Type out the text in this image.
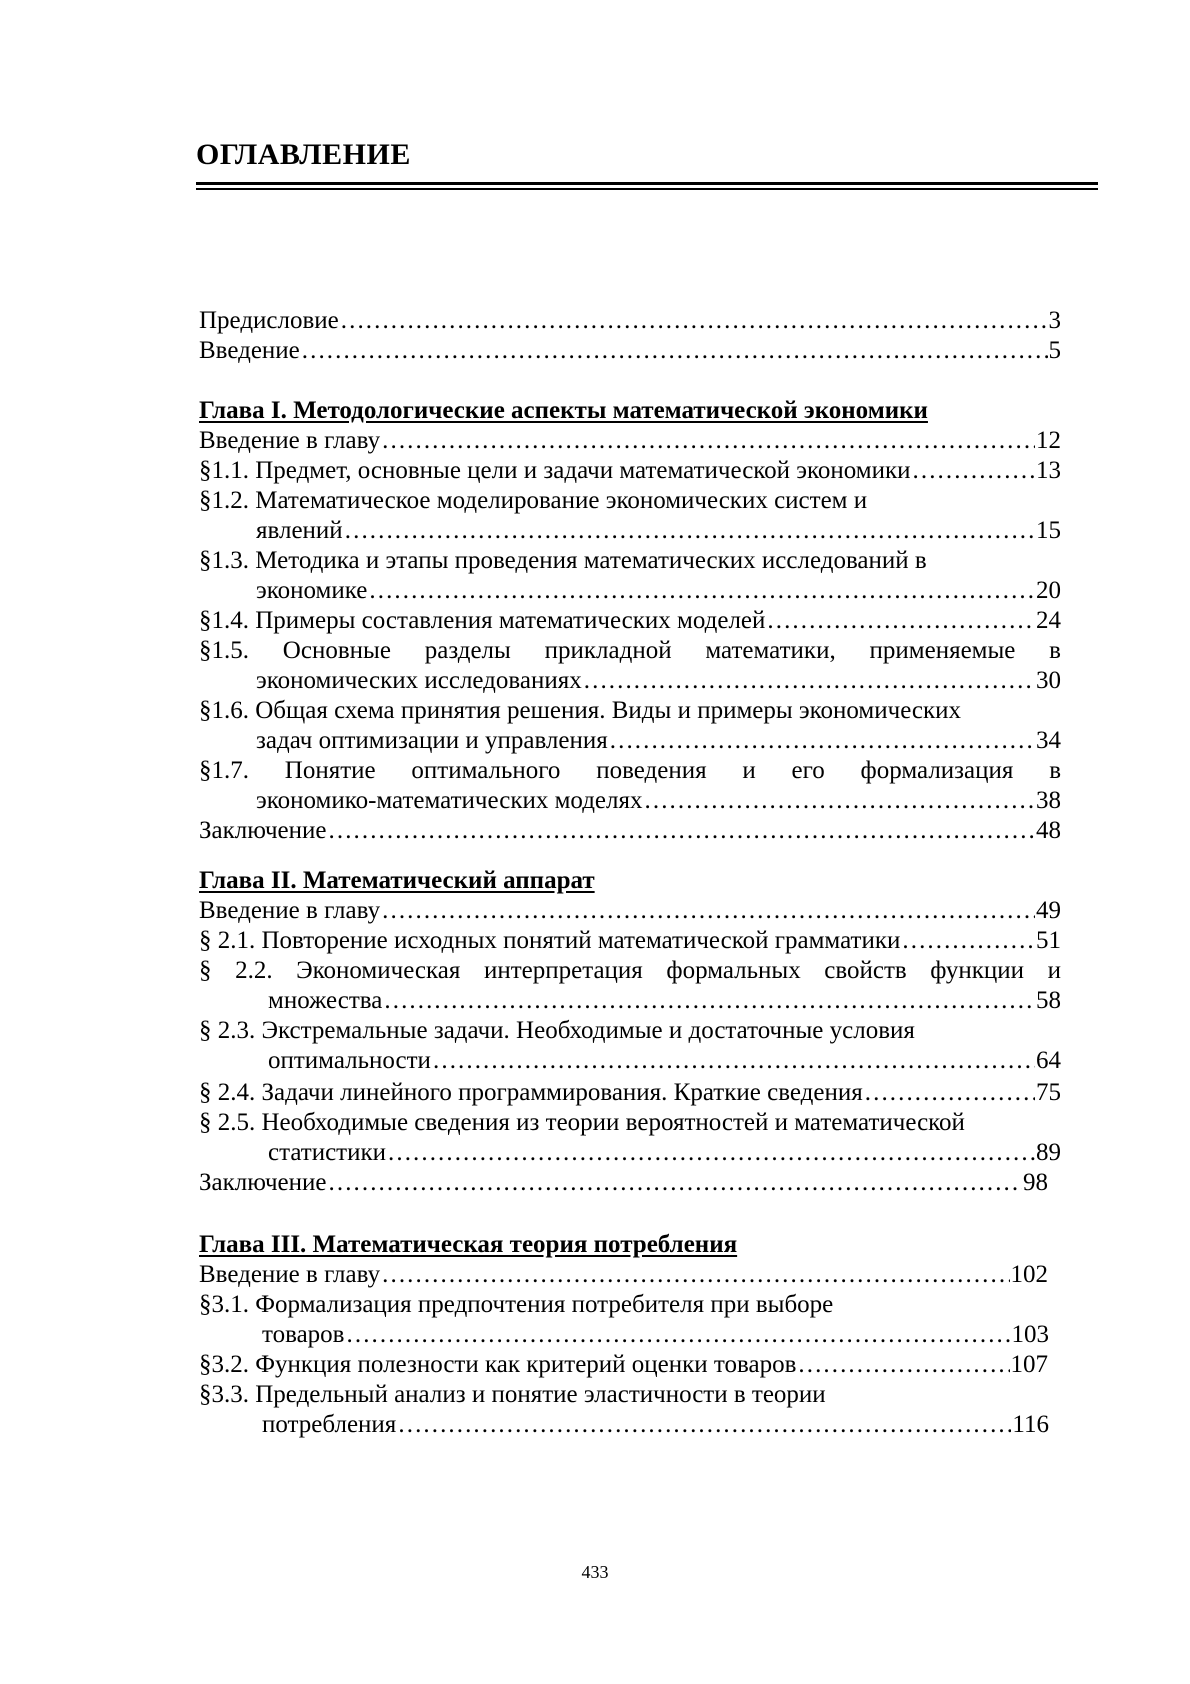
ОГЛАВЛЕНИЕ
Предисловие …………………………………………………………………………………………………………………………………………………………………………………	3
Введение …………………………………………………………………………………………………………………………………………………………………………………	5
Глава I. Методологические аспекты математической экономики
Введение в главу …………………………………………………………………………………………………………………………………………………………………………………	12
§1.1. Предмет, основные цели и задачи математической экономики …………………………………………………………………………………………………………………………………………………………………………………	13
§1.2. Математическое моделирование экономических систем и
явлений …………………………………………………………………………………………………………………………………………………………………………………	15
§1.3. Методика и этапы проведения математических исследований в
экономике …………………………………………………………………………………………………………………………………………………………………………………	20
§1.4. Примеры составления математических моделей …………………………………………………………………………………………………………………………………………………………………………………	24
§1.5. Основные разделы прикладной математики, применяемые в
экономических исследованиях …………………………………………………………………………………………………………………………………………………………………………………	30
§1.6. Общая схема принятия решения. Виды и примеры экономических
задач оптимизации и управления …………………………………………………………………………………………………………………………………………………………………………………	34
§1.7. Понятие оптимального поведения и его формализация в
экономико-математических моделях …………………………………………………………………………………………………………………………………………………………………………………	38
Заключение …………………………………………………………………………………………………………………………………………………………………………………	48
Глава II. Математический аппарат
Введение в главу …………………………………………………………………………………………………………………………………………………………………………………	49
§ 2.1. Повторение исходных понятий математической грамматики …………………………………………………………………………………………………………………………………………………………………………………	51
§ 2.2. Экономическая интерпретация формальных свойств функции и
множества …………………………………………………………………………………………………………………………………………………………………………………	58
§ 2.3. Экстремальные задачи. Необходимые и достаточные условия
оптимальности …………………………………………………………………………………………………………………………………………………………………………………	64
§ 2.4. Задачи линейного программирования. Краткие сведения …………………………………………………………………………………………………………………………………………………………………………………	75
§ 2.5. Необходимые сведения из теории вероятностей и математической
статистики …………………………………………………………………………………………………………………………………………………………………………………	89
Заключение …………………………………………………………………………………………………………………………………………………………………………………	98
Глава III. Математическая теория потребления
Введение в главу …………………………………………………………………………………………………………………………………………………………………………………	102
§3.1. Формализация предпочтения потребителя при выборе
товаров …………………………………………………………………………………………………………………………………………………………………………………	103
§3.2. Функция полезности как критерий оценки товаров …………………………………………………………………………………………………………………………………………………………………………………	107
§3.3. Предельный анализ и понятие эластичности в теории
потребления …………………………………………………………………………………………………………………………………………………………………………………	116
433
